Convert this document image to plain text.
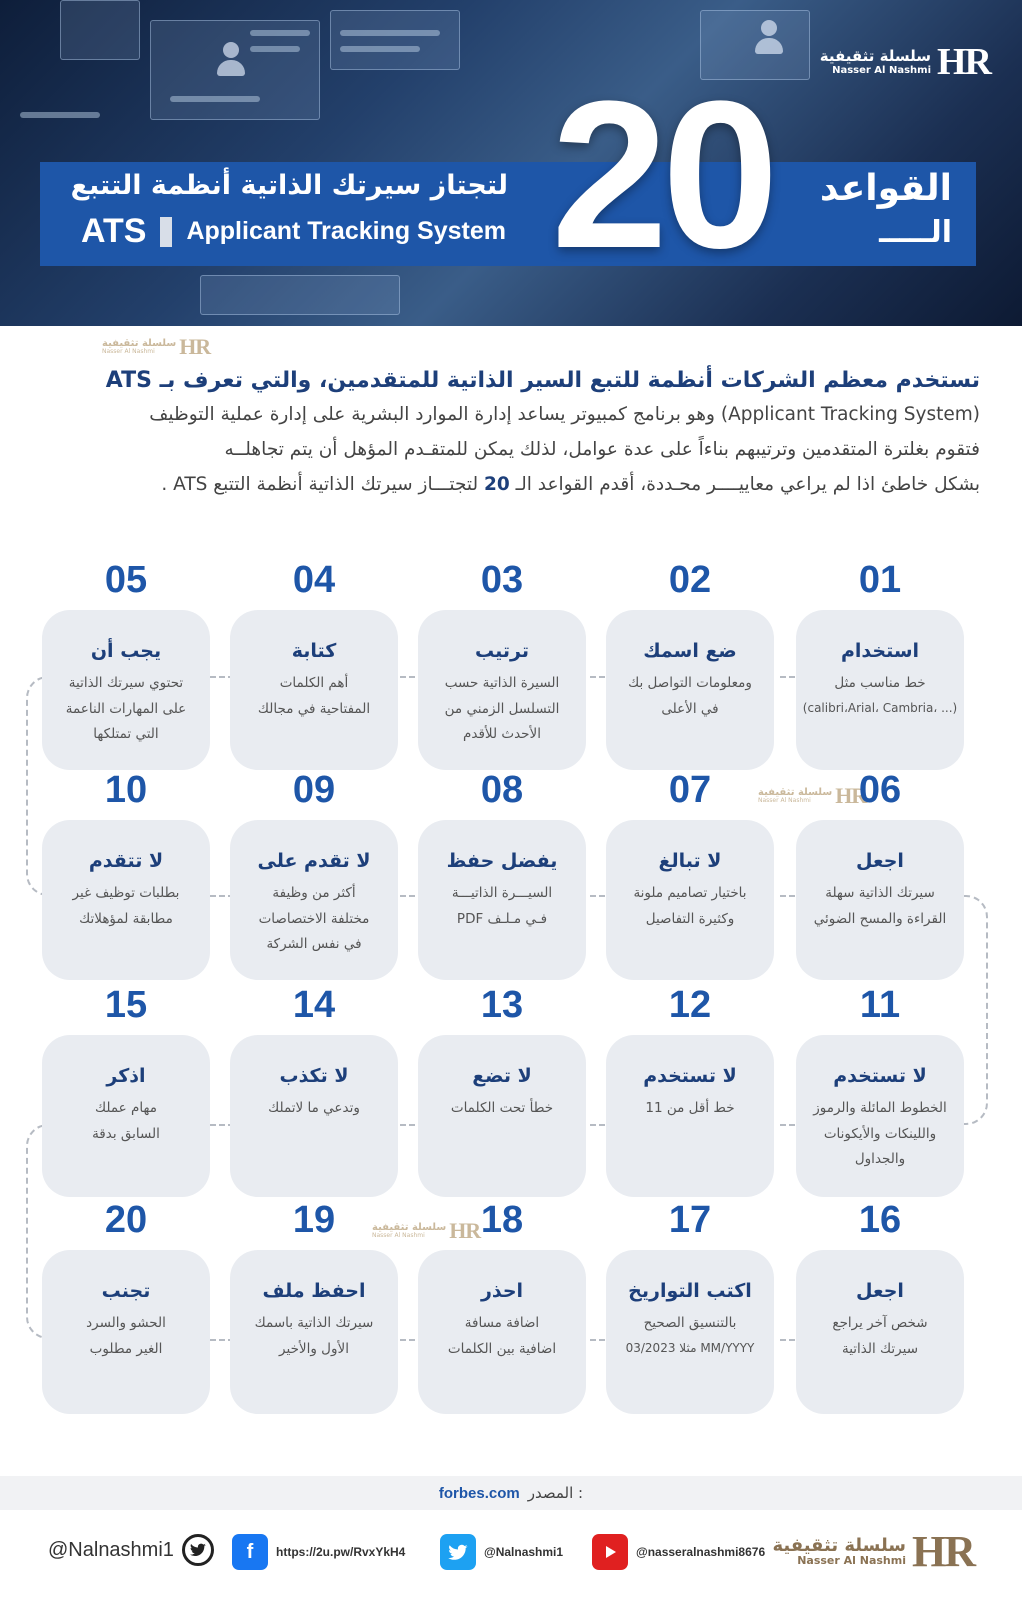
سلسلة تثقيفية
Nasser Al Nashmi HR
القواعد
الـــــ
20
لتجتاز سيرتك الذاتية أنظمة التتبع
ATS Applicant Tracking System
سلسلة تثقيفية
Nasser Al Nashmi	HR
سلسلة تثقيفية
Nasser Al Nashmi	HR
سلسلة تثقيفية
Nasser Al Nashmi	HR
تستخدم معظم الشركات أنظمة للتبع السير الذاتية للمتقدمين، والتي تعرف بـ ATS
(Applicant Tracking System) وهو برنامج كمبيوتر يساعد إدارة الموارد البشرية على إدارة عملية التوظيف
فتقوم بغلترة المتقدمين وترتيبهم بناءاً على عدة عوامل، لذلك يمكن للمتقـدم المؤهل أن يتم تجاهلــه
بشكل خاطئ اذا لم يراعي معاييــــر محـددة، أقدم القواعد الـ 20 لتجتـــاز سيرتك الذاتية أنظمة التتبع ATS .
01
استخدام
خط مناسب مثل
(... ،calibri،Arial، Cambria)
02
ضع اسمك
ومعلومات التواصل بك
في الأعلى
03
ترتيب
السيرة الذاتية حسب
التسلسل الزمني من
الأحدث للأقدم
04
كتابة
أهم الكلمات
المفتاحية في مجالك
05
يجب أن
تحتوي سيرتك الذاتية
على المهارات الناعمة
التي تمتلكها
06
اجعل
سيرتك الذاتية سهلة
القراءة والمسح الضوئي
07
لا تبالغ
باختيار تصاميم ملونة
وكثيرة التفاصيل
08
يفضل حفظ
السيـــرة الذاتيـــة
فـي مـلـف PDF
09
لا تقدم على
أكثر من وظيفة
مختلفة الاختصاصات
في نفس الشركة
10
لا تتقدم
بطلبات توظيف غير
مطابقة لمؤهلاتك
11
لا تستخدم
الخطوط المائلة والرموز
واللينكات والأيكونات
والجداول
12
لا تستخدم
خط أقل من 11
13
لا تضع
خطأ تحت الكلمات
14
لا تكذب
وتدعي ما لاتملك
15
اذكر
مهام عملك
السابق بدقة
16
اجعل
شخص آخر يراجع
سيرتك الذاتية
17
اكتب التواريخ
بالتنسيق الصحيح
MM/YYYY مثلا 03/2023
18
احذر
اضافة مسافة
اضافية بين الكلمات
19
احفظ ملف
سيرتك الذاتية باسمك
الأول والأخير
20
تجنب
الحشو والسرد
الغير مطلوب
forbes.com المصدر :
@Nalnashmi1	f	https://2u.pw/RvxYkH4	@Nalnashmi1	@nasseralnashmi8676 سلسلة تثقيفية
Nasser Al Nashmi HR
